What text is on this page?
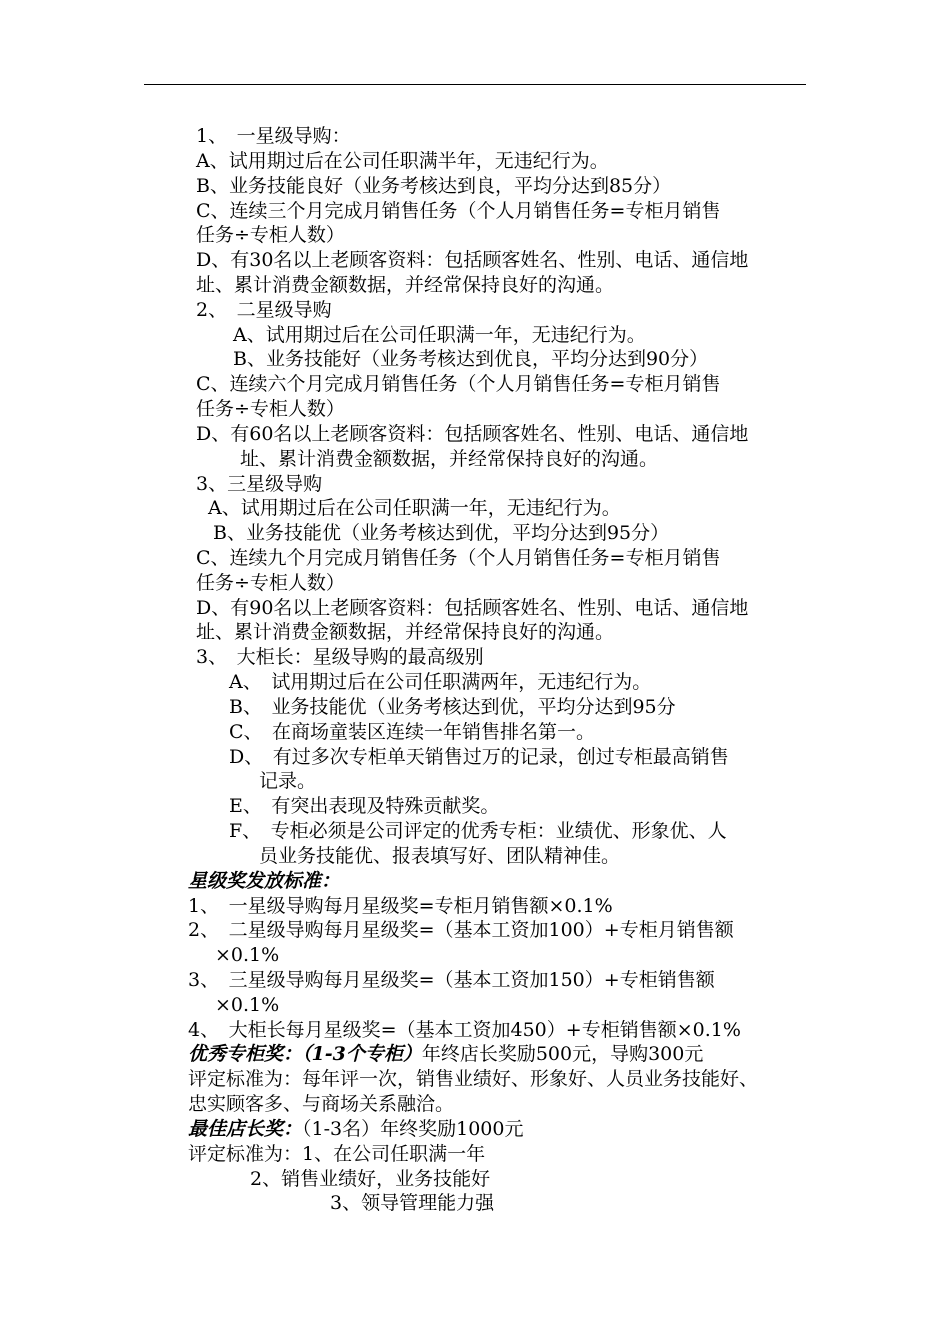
1、　一星级导购：
A、试用期过后在公司任职满半年，无违纪行为。
B、业务技能良好（业务考核达到良，平均分达到85分）
C、连续三个月完成月销售任务（个人月销售任务=专柜月销售
任务÷专柜人数）
D、有30名以上老顾客资料：包括顾客姓名、性别、电话、通信地
址、累计消费金额数据，并经常保持良好的沟通。
2、　二星级导购
A、试用期过后在公司任职满一年，无违纪行为。
B、业务技能好（业务考核达到优良，平均分达到90分）
C、连续六个月完成月销售任务（个人月销售任务=专柜月销售
任务÷专柜人数）
D、有60名以上老顾客资料：包括顾客姓名、性别、电话、通信地
址、累计消费金额数据，并经常保持良好的沟通。
3、三星级导购
A、试用期过后在公司任职满一年，无违纪行为。
B、业务技能优（业务考核达到优，平均分达到95分）
C、连续九个月完成月销售任务（个人月销售任务=专柜月销售
任务÷专柜人数）
D、有90名以上老顾客资料：包括顾客姓名、性别、电话、通信地
址、累计消费金额数据，并经常保持良好的沟通。
3、　大柜长：星级导购的最高级别
A、　试用期过后在公司任职满两年，无违纪行为。
B、　业务技能优（业务考核达到优，平均分达到95分
C、　在商场童装区连续一年销售排名第一。
D、　有过多次专柜单天销售过万的记录，创过专柜最高销售
记录。
E、　有突出表现及特殊贡献奖。
F、　专柜必须是公司评定的优秀专柜：业绩优、形象优、人
员业务技能优、报表填写好、团队精神佳。
星级奖发放标准：
1、　一星级导购每月星级奖=专柜月销售额×0.1%
2、　二星级导购每月星级奖=（基本工资加100）+专柜月销售额
×0.1%
3、　三星级导购每月星级奖=（基本工资加150）+专柜销售额
×0.1%
4、　大柜长每月星级奖=（基本工资加450）+专柜销售额×0.1%
优秀专柜奖：（1-3个专柜）年终店长奖励500元，导购300元
评定标准为：每年评一次，销售业绩好、形象好、人员业务技能好、
忠实顾客多、与商场关系融洽。
最佳店长奖：（1-3名）年终奖励1000元
评定标准为：1、在公司任职满一年
2、销售业绩好，业务技能好
3、领导管理能力强
